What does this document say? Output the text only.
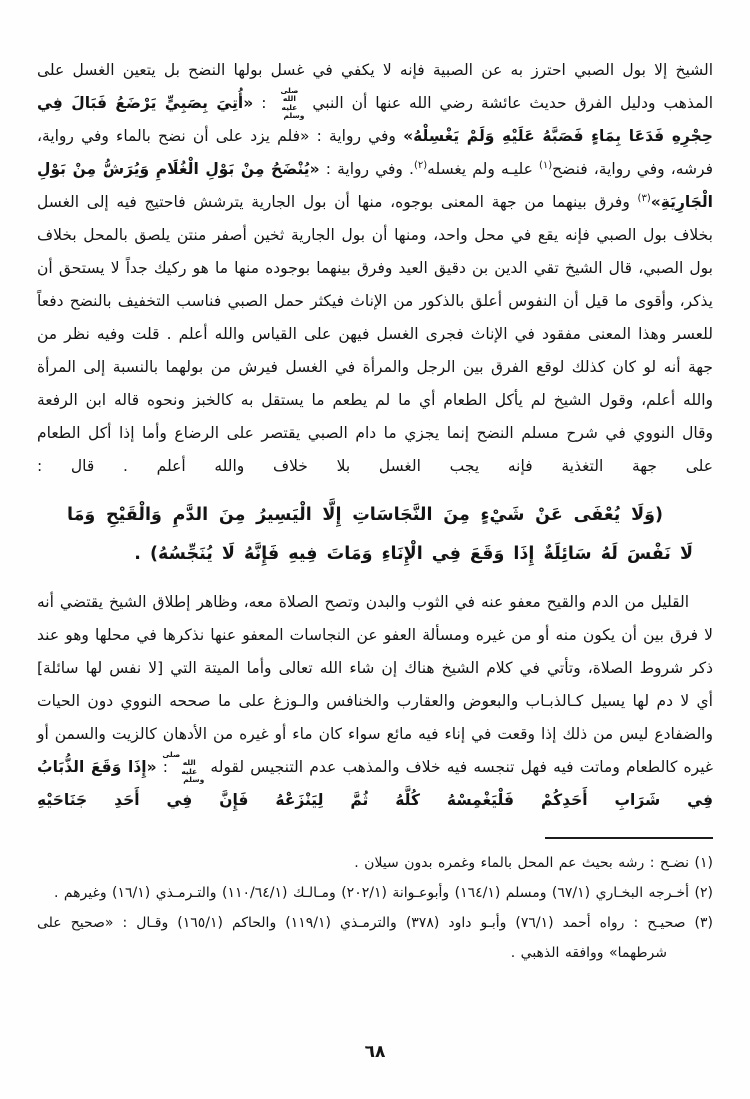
الشيخ إلا بول الصبي احترز به عن الصبية فإنه لا يكفي في غسل بولها النضح بل يتعين الغسل على المذهب ودليل الفرق حديث عائشة رضي الله عنها أن النبي صلى الله عليه وسلم : «أُتِيَ بِصَبِيٍّ يَرْضَعُ فَبَالَ فِي حِجْرِهِ فَدَعَا بِمَاءٍ فَصَبَّهُ عَلَيْهِ وَلَمْ يَغْسِلْهُ» وفي رواية : «فلم يزد على أن نضح بالماء وفي رواية، فرشه، وفي رواية، فنضح$^{(١)}$ عليـه ولم يغسله$^{(٢)}$. وفي رواية : «يُنْضَحُ مِنْ بَوْلِ الْغُلَامِ وَيُرَشُّ مِنْ بَوْلِ الْجَارِيَةِ»$^{(٣)}$ وفرق بينهما من جهة المعنى بوجوه، منها أن بول الجارية يترشش فاحتيج فيه إلى الغسل بخلاف بول الصبي فإنه يقع في محل واحد، ومنها أن بول الجارية ثخين أصفر منتن يلصق بالمحل بخلاف بول الصبي، قال الشيخ تقي الدين بن دقيق العيد وفرق بينهما بوجوده منها ما هو ركيك جداً لا يستحق أن يذكر، وأقوى ما قيل أن النفوس أعلق بالذكور من الإناث فيكثر حمل الصبي فناسب التخفيف بالنضح دفعاً للعسر وهذا المعنى مفقود في الإناث فجرى الغسل فيهن على القياس والله أعلم . قلت وفيه نظر من جهة أنه لو كان كذلك لوقع الفرق بين الرجل والمرأة في الغسل فيرش من بولهما بالنسبة إلى المرأة والله أعلم، وقول الشيخ لم يأكل الطعام أي ما لم يطعم ما يستقل به كالخبز ونحوه قاله ابن الرفعة وقال النووي في شرح مسلم النضح إنما يجزي ما دام الصبي يقتصر على الرضاع وأما إذا أكل الطعام على جهة التغذية فإنه يجب الغسل بلا خلاف والله أعلم . قال :

(وَلَا يُعْفَى عَنْ شَيْءٍ مِنَ النَّجَاسَاتِ إِلَّا الْيَسِيرُ مِنَ الدَّمِ وَالْقَيْحِ وَمَا لَا نَفْسَ لَهُ سَائِلَةٌ إِذَا وَقَعَ فِي الْإِنَاءِ وَمَاتَ فِيهِ فَإِنَّهُ لَا يُنَجِّسُهُ) .

القليل من الدم والقيح معفو عنه في الثوب والبدن وتصح الصلاة معه، وظاهر إطلاق الشيخ يقتضي أنه لا فرق بين أن يكون منه أو من غيره ومسألة العفو عن النجاسات المعفو عنها نذكرها في محلها وهو عند ذكر شروط الصلاة، وتأتي في كلام الشيخ هناك إن شاء الله تعالى وأما الميتة التي [لا نفس لها سائلة] أي لا دم لها يسيل كـالذبـاب والبعوض والعقارب والخنافس والـوزغ على ما صححه النووي دون الحيات والضفادع ليس من ذلك إذا وقعت في إناء فيه مائع سواء كان ماء أو غيره من الأدهان كالزيت والسمن أو غيره كالطعام وماتت فيه فهل تنجسه فيه خلاف والمذهب عدم التنجيس لقوله صلى الله عليه وسلم : «إِذَا وَقَعَ الذُّبَابُ فِي شَرَابِ أَحَدِكُمْ فَلْيَغْمِسْهُ كُلَّهُ ثُمَّ لِيَنْزَعْهُ فَإِنَّ فِي أَحَدِ جَنَاحَيْهِ

(١) نضـح : رشه بحيث عم المحل بالماء وغمره بدون سيلان .
(٢) أخـرجه البخـاري (٦٧/١) ومسلم (١٦٤/١) وأبوعـوانة (٢٠٢/١) ومـالـك (١١٠/٦٤/١) والتـرمـذي (١٦/١) وغيرهم .
(٣) صحيـح : رواه أحمد (٧٦/١) وأبـو داود (٣٧٨) والترمـذي (١١٩/١) والحاكم (١٦٥/١) وقـال : «صحيح على شرطهما» ووافقه الذهبي .
٦٨
